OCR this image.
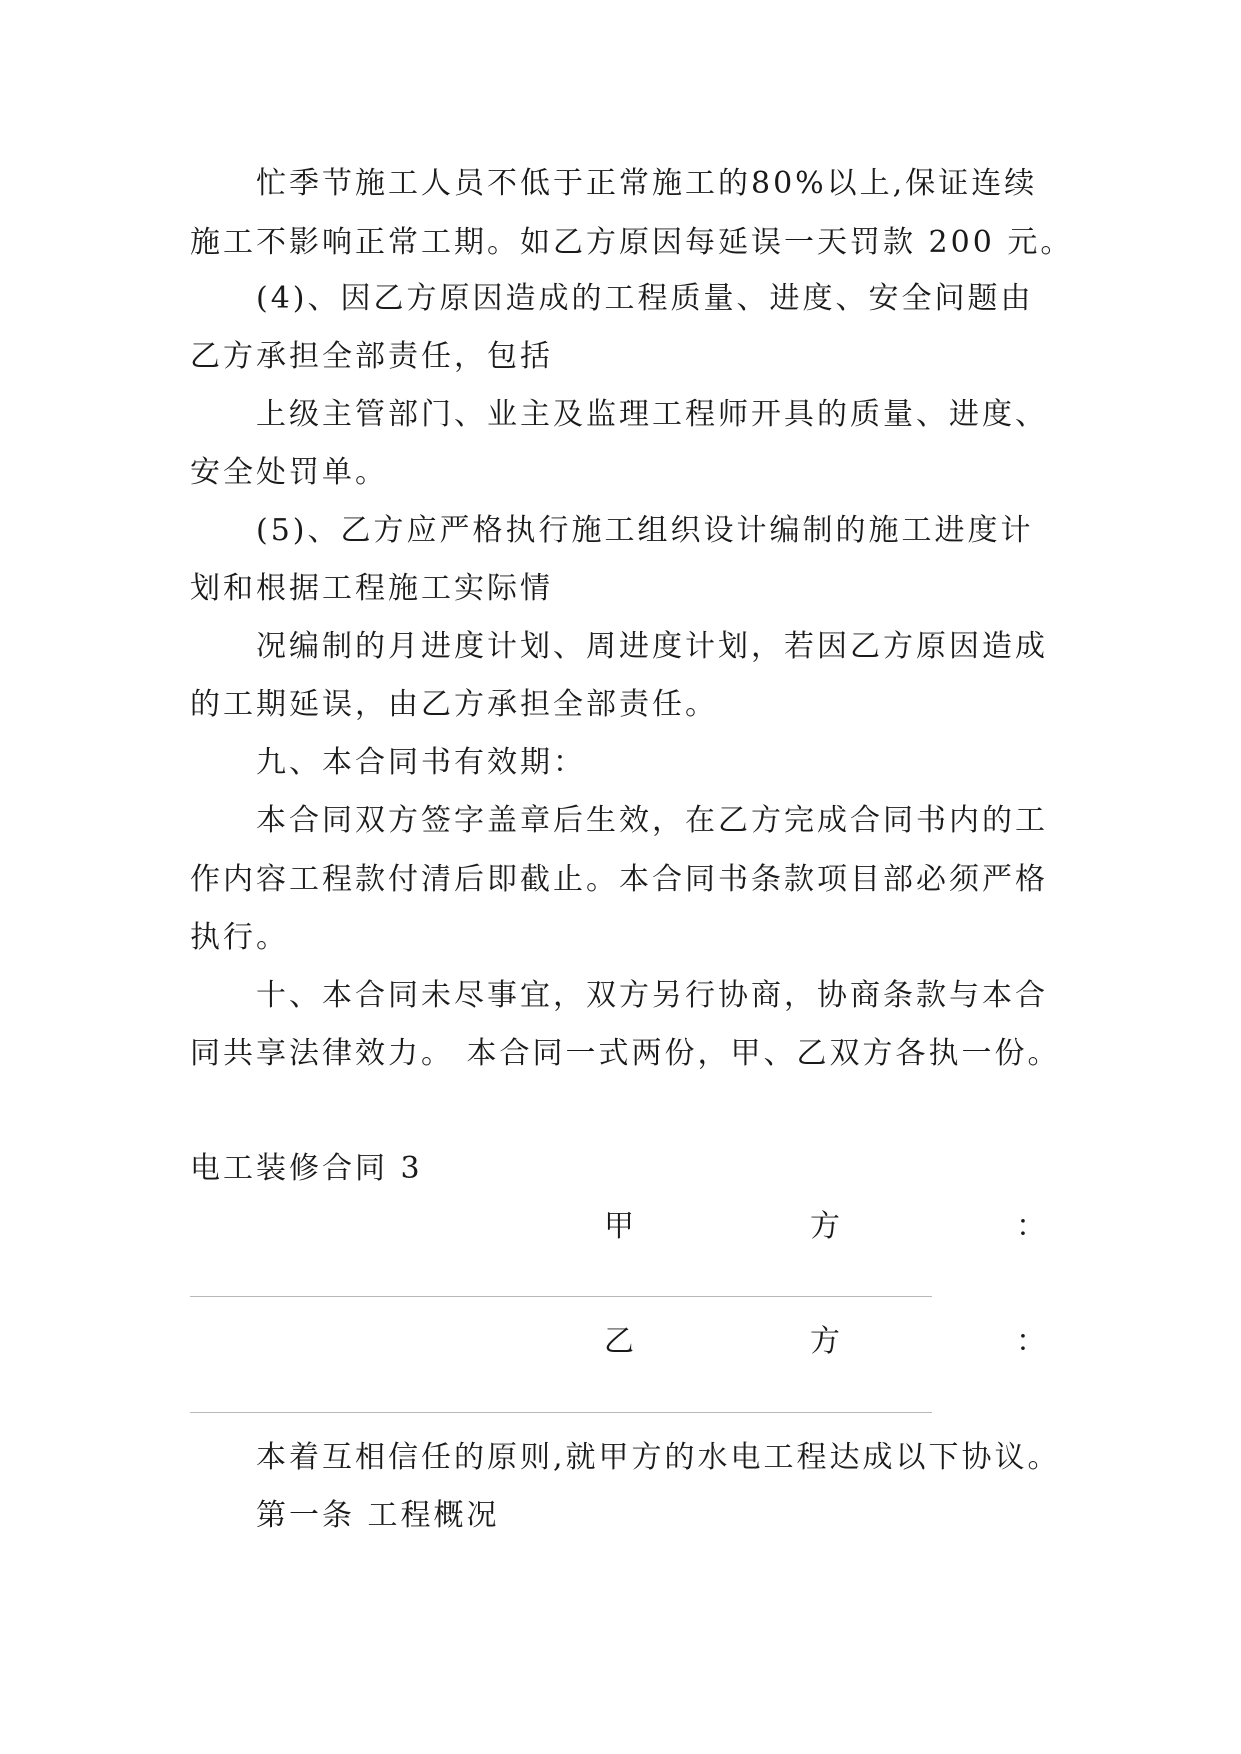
忙季节施工人员不低于正常施工的80%以上,保证连续
施工不影响正常工期。如乙方原因每延误一天罚款 200 元。
(4)、因乙方原因造成的工程质量、进度、安全问题由
乙方承担全部责任，包括
上级主管部门、业主及监理工程师开具的质量、进度、
安全处罚单。
(5)、乙方应严格执行施工组织设计编制的施工进度计
划和根据工程施工实际情
况编制的月进度计划、周进度计划，若因乙方原因造成
的工期延误，由乙方承担全部责任。
九、本合同书有效期：
本合同双方签字盖章后生效，在乙方完成合同书内的工
作内容工程款付清后即截止。本合同书条款项目部必须严格
执行。
十、本合同未尽事宜，双方另行协商，协商条款与本合
同共享法律效力。 本合同一式两份，甲、乙双方各执一份。
电工装修合同 3
甲	方	：
乙	方	：
本着互相信任的原则,就甲方的水电工程达成以下协议。
第一条 工程概况
